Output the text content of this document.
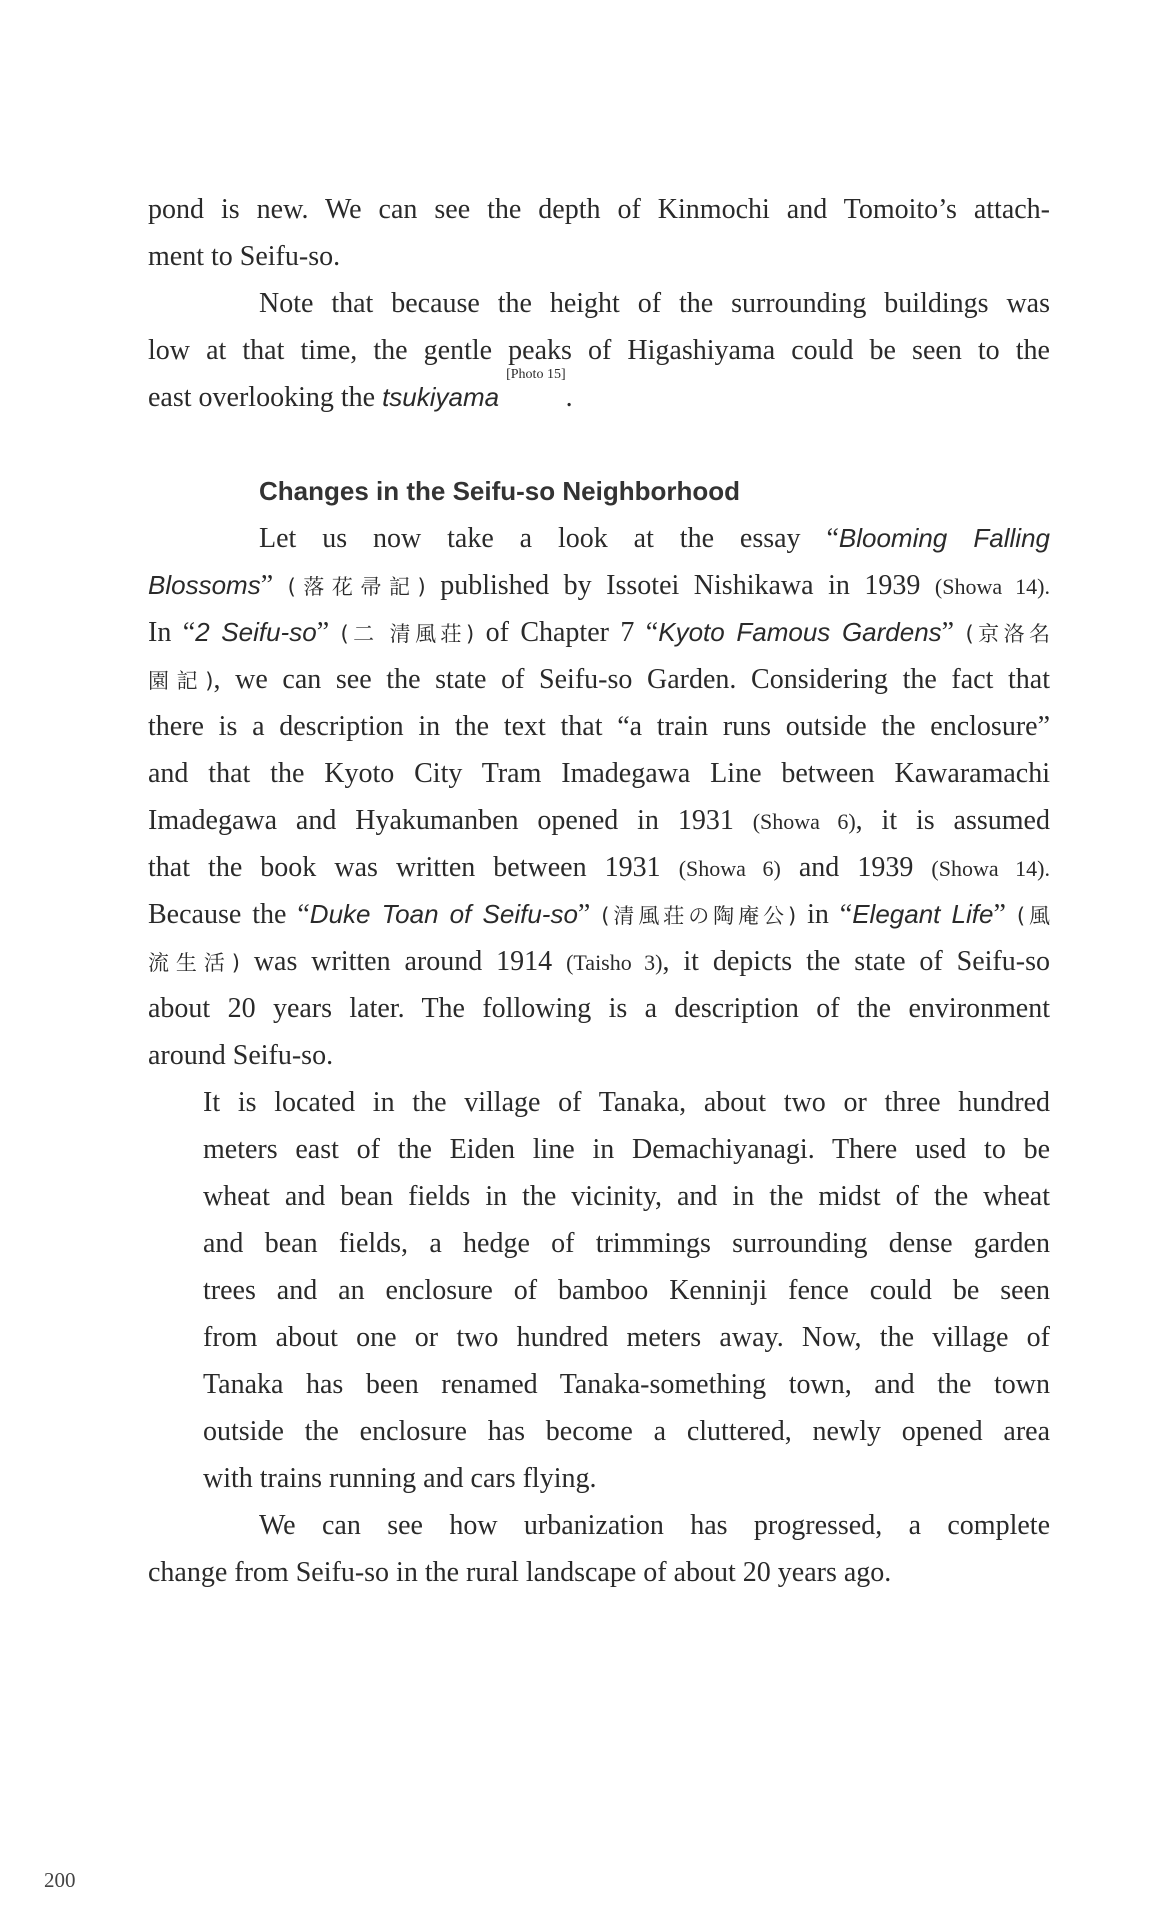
pond is new. We can see the depth of Kinmochi and Tomoito’s attach-
ment to Seifu-so.
Note that because the height of the surrounding buildings was
low at that time, the gentle peaks of Higashiyama could be seen to the
east overlooking the tsukiyama [Photo 15].
Changes in the Seifu-so Neighborhood
Let us now take a look at the essay “Blooming Falling
Blossoms” (落花帚記) published by Issotei Nishikawa in 1939 (Showa 14).
In “2 Seifu-so” (二 清風荘) of Chapter 7 “Kyoto Famous Gardens” (京洛名
園記), we can see the state of Seifu-so Garden. Considering the fact that
there is a description in the text that “a train runs outside the enclosure”
and that the Kyoto City Tram Imadegawa Line between Kawaramachi
Imadegawa and Hyakumanben opened in 1931 (Showa 6), it is assumed
that the book was written between 1931 (Showa 6) and 1939 (Showa 14).
Because the “Duke Toan of Seifu-so” (清風荘の陶庵公) in “Elegant Life” (風
流生活) was written around 1914 (Taisho 3), it depicts the state of Seifu-so
about 20 years later. The following is a description of the environment
around Seifu-so.
It is located in the village of Tanaka, about two or three hundred
meters east of the Eiden line in Demachiyanagi. There used to be
wheat and bean fields in the vicinity, and in the midst of the wheat
and bean fields, a hedge of trimmings surrounding dense garden
trees and an enclosure of bamboo Kenninji fence could be seen
from about one or two hundred meters away. Now, the village of
Tanaka has been renamed Tanaka-something town, and the town
outside the enclosure has become a cluttered, newly opened area
with trains running and cars flying.
We can see how urbanization has progressed, a complete
change from Seifu-so in the rural landscape of about 20 years ago.
200
